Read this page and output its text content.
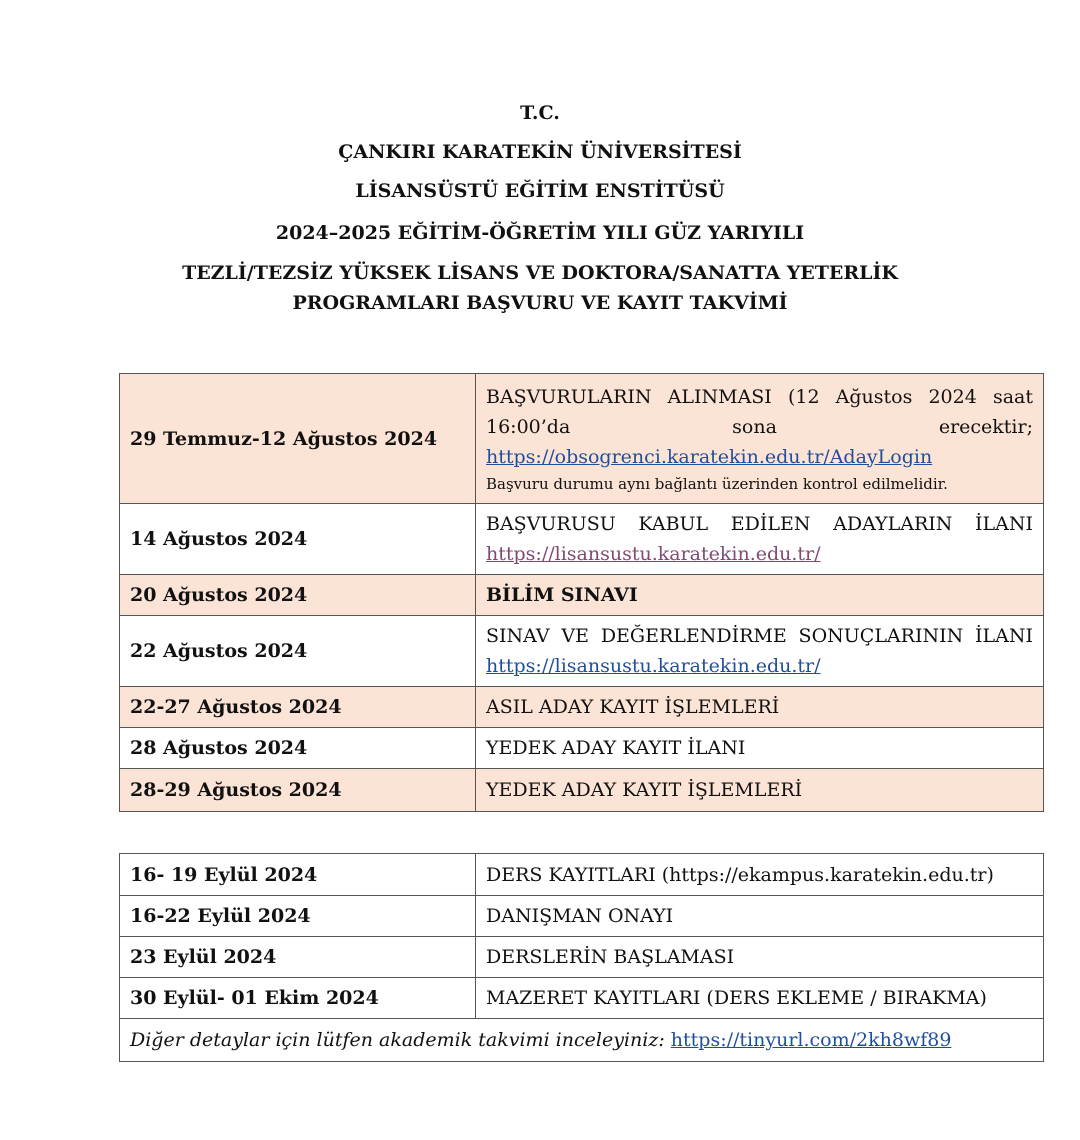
T.C.
ÇANKIRI KARATEKİN ÜNİVERSİTESİ
LİSANSÜSTÜ EĞİTİM ENSTİTÜSÜ
2024–2025 EĞİTİM-ÖĞRETİM YILI GÜZ YARIYILI
TEZLİ/TEZSİZ YÜKSEK LİSANS VE DOKTORA/SANATTA YETERLİK
PROGRAMLARI BAŞVURU VE KAYIT TAKVİMİ
29 Temmuz-12 Ağustos 2024	BAŞVURULARIN ALINMASI (12 Ağustos 2024 saat
16:00’da sona erecektir;
https://obsogrenci.karatekin.edu.tr/AdayLogin
Başvuru durumu aynı bağlantı üzerinden kontrol edilmelidir.

14 Ağustos 2024	BAŞVURUSU KABUL EDİLEN ADAYLARIN İLANI
https://lisansustu.karatekin.edu.tr/
20 Ağustos 2024	BİLİM SINAVI
22 Ağustos 2024	SINAV VE DEĞERLENDİRME SONUÇLARININ İLANI
https://lisansustu.karatekin.edu.tr/
22-27 Ağustos 2024	ASIL ADAY KAYIT İŞLEMLERİ
28 Ağustos 2024	YEDEK ADAY KAYIT İLANI
28-29 Ağustos 2024	YEDEK ADAY KAYIT İŞLEMLERİ
16- 19 Eylül 2024	DERS KAYITLARI (https://ekampus.karatekin.edu.tr)
16-22 Eylül 2024	DANIŞMAN ONAYI
23 Eylül 2024	DERSLERİN BAŞLAMASI
30 Eylül- 01 Ekim 2024	MAZERET KAYITLARI (DERS EKLEME / BIRAKMA)
Diğer detaylar için lütfen akademik takvimi inceleyiniz: https://tinyurl.com/2kh8wf89	
